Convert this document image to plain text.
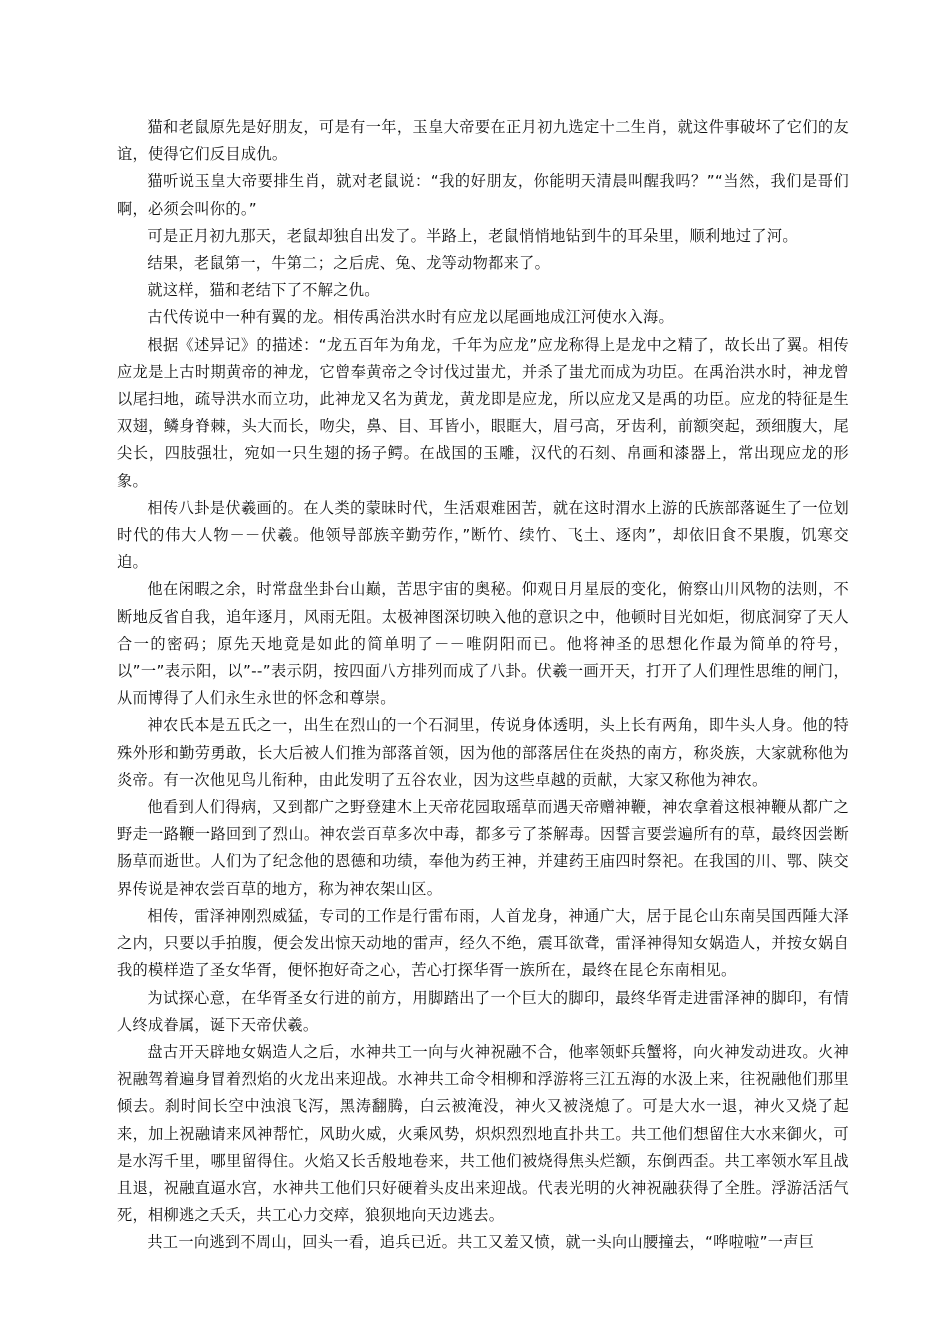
猫和老鼠原先是好朋友，可是有一年，玉皇大帝要在正月初九选定十二生肖，就这件事破坏了它们的友谊，使得它们反目成仇。

猫听说玉皇大帝要排生肖，就对老鼠说：“我的好朋友，你能明天清晨叫醒我吗？”“当然，我们是哥们啊，必须会叫你的。”

可是正月初九那天，老鼠却独自出发了。半路上，老鼠悄悄地钻到牛的耳朵里，顺利地过了河。

结果，老鼠第一，牛第二；之后虎、兔、龙等动物都来了。

就这样，猫和老结下了不解之仇。

古代传说中一种有翼的龙。相传禹治洪水时有应龙以尾画地成江河使水入海。

根据《述异记》的描述：“龙五百年为角龙，千年为应龙”应龙称得上是龙中之精了，故长出了翼。相传应龙是上古时期黄帝的神龙，它曾奉黄帝之令讨伐过蚩尤，并杀了蚩尤而成为功臣。在禹治洪水时，神龙曾以尾扫地，疏导洪水而立功，此神龙又名为黄龙，黄龙即是应龙，所以应龙又是禹的功臣。应龙的特征是生双翅，鳞身脊棘，头大而长，吻尖，鼻、目、耳皆小，眼眶大，眉弓高，牙齿利，前额突起，颈细腹大，尾尖长，四肢强壮，宛如一只生翅的扬子鳄。在战国的玉雕，汉代的石刻、帛画和漆器上，常出现应龙的形象。

相传八卦是伏羲画的。在人类的蒙昧时代，生活艰难困苦，就在这时渭水上游的氏族部落诞生了一位划时代的伟大人物－－伏羲。他领导部族辛勤劳作，”断竹、续竹、飞土、逐肉”，却依旧食不果腹，饥寒交迫。

他在闲暇之余，时常盘坐卦台山巅，苦思宇宙的奥秘。仰观日月星辰的变化，俯察山川风物的法则，不断地反省自我，追年逐月，风雨无阻。太极神图深切映入他的意识之中，他顿时目光如炬，彻底洞穿了天人合一的密码；原先天地竟是如此的简单明了－－唯阴阳而已。他将神圣的思想化作最为简单的符号，以”一”表示阳，以”--”表示阴，按四面八方排列而成了八卦。伏羲一画开天，打开了人们理性思维的闸门，从而博得了人们永生永世的怀念和尊崇。

神农氏本是五氏之一，出生在烈山的一个石洞里，传说身体透明，头上长有两角，即牛头人身。他的特殊外形和勤劳勇敢，长大后被人们推为部落首领，因为他的部落居住在炎热的南方，称炎族，大家就称他为炎帝。有一次他见鸟儿衔种，由此发明了五谷农业，因为这些卓越的贡献，大家又称他为神农。

他看到人们得病，又到都广之野登建木上天帝花园取瑶草而遇天帝赠神鞭，神农拿着这根神鞭从都广之野走一路鞭一路回到了烈山。神农尝百草多次中毒，都多亏了茶解毒。因誓言要尝遍所有的草，最终因尝断肠草而逝世。人们为了纪念他的恩德和功绩，奉他为药王神，并建药王庙四时祭祀。在我国的川、鄂、陕交界传说是神农尝百草的地方，称为神农架山区。

相传，雷泽神刚烈威猛，专司的工作是行雷布雨，人首龙身，神通广大，居于昆仑山东南吴国西陲大泽之内，只要以手拍腹，便会发出惊天动地的雷声，经久不绝，震耳欲聋，雷泽神得知女娲造人，并按女娲自我的模样造了圣女华胥，便怀抱好奇之心，苦心打探华胥一族所在，最终在昆仑东南相见。

为试探心意，在华胥圣女行进的前方，用脚踏出了一个巨大的脚印，最终华胥走进雷泽神的脚印，有情人终成眷属，诞下天帝伏羲。

盘古开天辟地女娲造人之后，水神共工一向与火神祝融不合，他率领虾兵蟹将，向火神发动进攻。火神祝融驾着遍身冒着烈焰的火龙出来迎战。水神共工命令相柳和浮游将三江五海的水汲上来，往祝融他们那里倾去。刹时间长空中浊浪飞泻，黑涛翻腾，白云被淹没，神火又被浇熄了。可是大水一退，神火又烧了起来，加上祝融请来风神帮忙，风助火威，火乘风势，炽炽烈烈地直扑共工。共工他们想留住大水来御火，可是水泻千里，哪里留得住。火焰又长舌般地卷来，共工他们被烧得焦头烂额，东倒西歪。共工率领水军且战且退，祝融直逼水宫，水神共工他们只好硬着头皮出来迎战。代表光明的火神祝融获得了全胜。浮游活活气死，相柳逃之夭夭，共工心力交瘁，狼狈地向天边逃去。

共工一向逃到不周山，回头一看，追兵已近。共工又羞又愤，就一头向山腰撞去，“哗啦啦”一声巨
